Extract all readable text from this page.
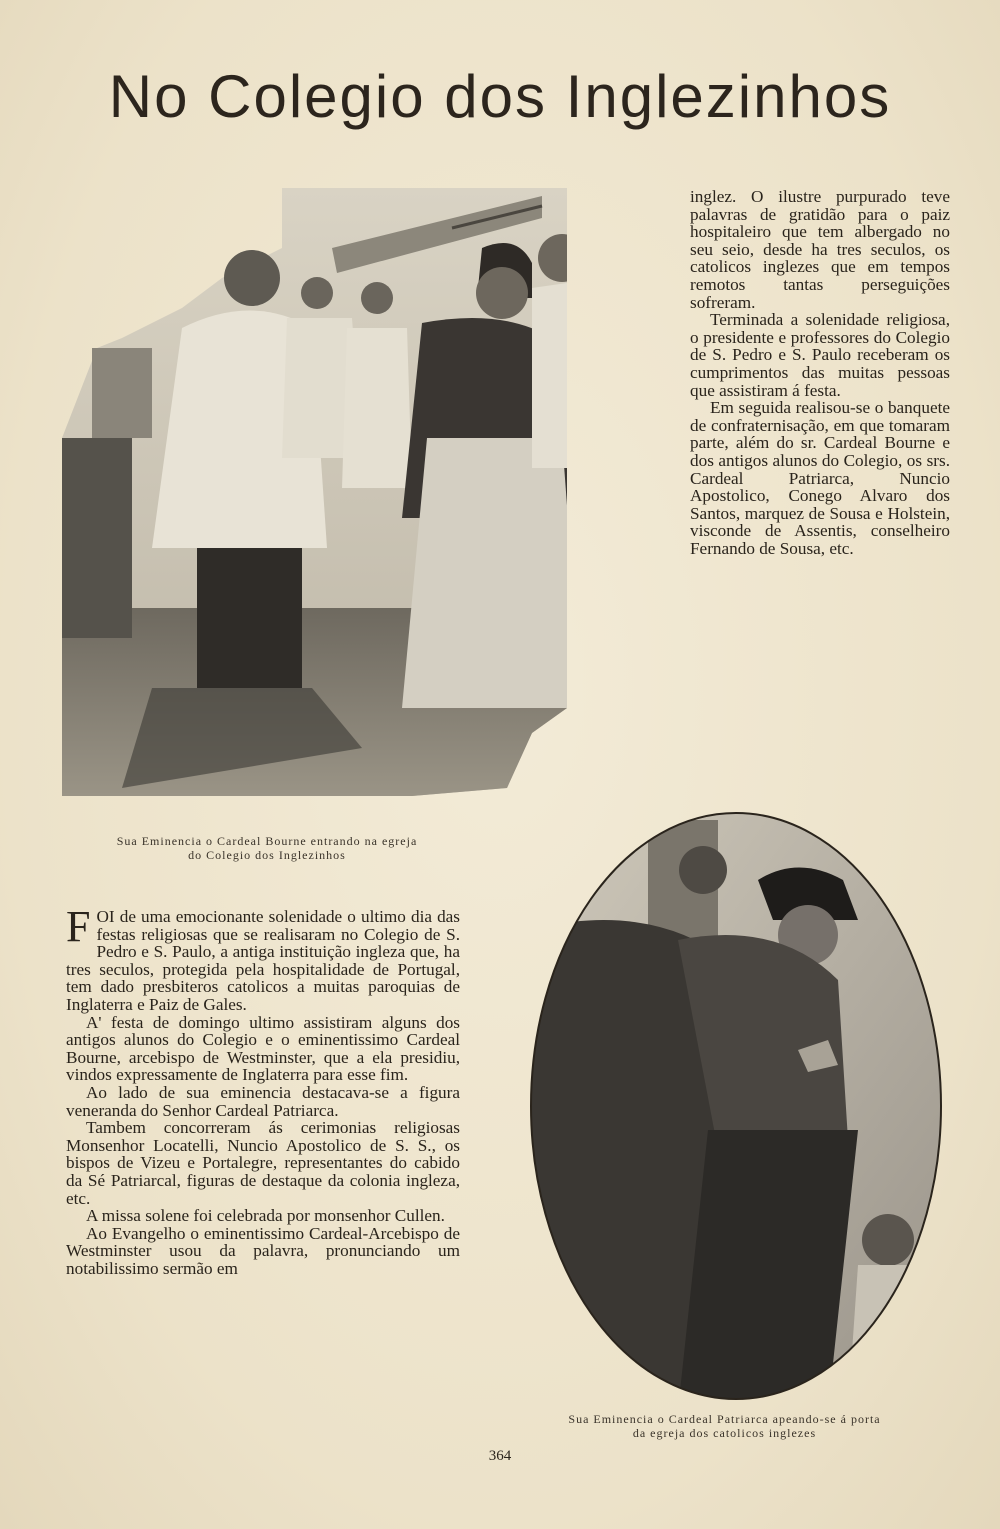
No Colegio dos Inglezinhos
Sua Eminencia o Cardeal Bourne entrando na egreja
do Colegio dos Inglezinhos

inglez. O ilustre purpurado teve palavras de gratidão para o paiz hospitaleiro que tem albergado no seu seio, desde ha tres seculos, os catolicos inglezes que em tempos remotos tantas perseguições sofreram.

Terminada a solenidade religiosa, o presidente e professores do Colegio de S. Pedro e S. Paulo receberam os cumprimentos das muitas pessoas que assistiram á festa.

Em seguida realisou-se o banquete de confraternisação, em que tomaram parte, além do sr. Cardeal Bourne e dos antigos alunos do Colegio, os srs. Cardeal Patriarca, Nuncio Apostolico, Conego Alvaro dos Santos, marquez de Sousa e Holstein, visconde de Assentis, conselheiro Fernando de Sousa, etc.

F OI de uma emocionante solenidade o ultimo dia das festas religiosas que se realisaram no Colegio de S. Pedro e S. Paulo, a antiga instituição ingleza que, ha tres seculos, protegida pela hospitalidade de Portugal, tem dado presbiteros catolicos a muitas paroquias de Inglaterra e Paiz de Gales.

A' festa de domingo ultimo assistiram alguns dos antigos alunos do Colegio e o eminentissimo Cardeal Bourne, arcebispo de Westminster, que a ela presidiu, vindos expressamente de Inglaterra para esse fim.

Ao lado de sua eminencia destacava-se a figura veneranda do Senhor Cardeal Patriarca.

Tambem concorreram ás cerimonias religiosas Monsenhor Locatelli, Nuncio Apostolico de S. S., os bispos de Vizeu e Portalegre, representantes do cabido da Sé Patriarcal, figuras de destaque da colonia ingleza, etc.

A missa solene foi celebrada por monsenhor Cullen.

Ao Evangelho o eminentissimo Cardeal-Arcebispo de Westminster usou da palavra, pronunciando um notabilissimo sermão em

Sua Eminencia o Cardeal Patriarca apeando-se á porta
da egreja dos catolicos inglezes
364
